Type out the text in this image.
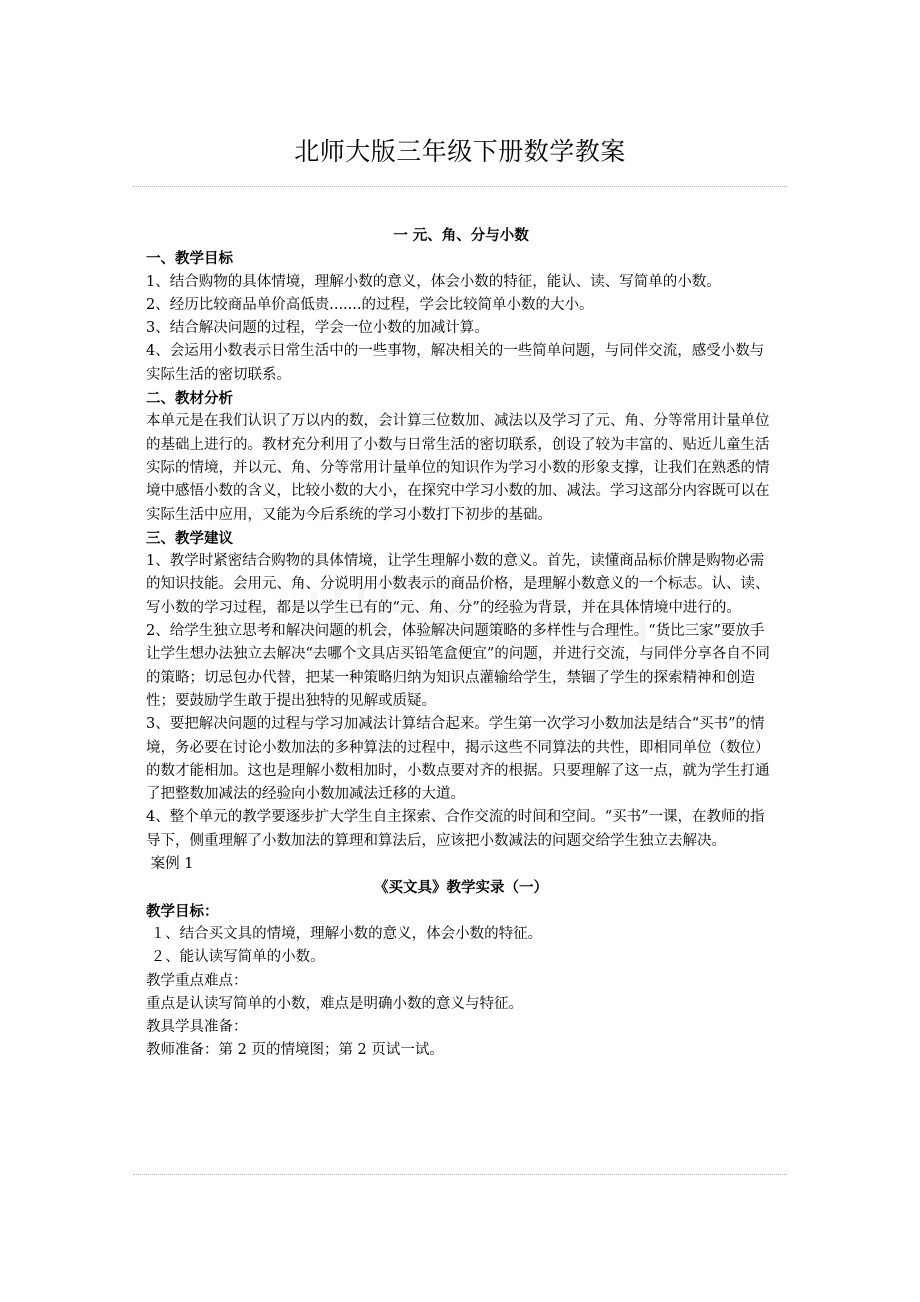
北师大版三年级下册数学教案

一 元、角、分与小数

一、教学目标

1、结合购物的具体情境，理解小数的意义，体会小数的特征，能认、读、写简单的小数。

2、经历比较商品单价高低贵.......的过程，学会比较简单小数的大小。

3、结合解决问题的过程，学会一位小数的加减计算。

4、会运用小数表示日常生活中的一些事物，解决相关的一些简单问题，与同伴交流，感受小数与实际生活的密切联系。

二、教材分析

本单元是在我们认识了万以内的数，会计算三位数加、减法以及学习了元、角、分等常用计量单位的基础上进行的。教材充分利用了小数与日常生活的密切联系，创设了较为丰富的、贴近儿童生活实际的情境，并以元、角、分等常用计量单位的知识作为学习小数的形象支撑，让我们在熟悉的情境中感悟小数的含义，比较小数的大小，在探究中学习小数的加、减法。学习这部分内容既可以在实际生活中应用，又能为今后系统的学习小数打下初步的基础。

三、教学建议

1、教学时紧密结合购物的具体情境，让学生理解小数的意义。首先，读懂商品标价牌是购物必需的知识技能。会用元、角、分说明用小数表示的商品价格，是理解小数意义的一个标志。认、读、写小数的学习过程，都是以学生已有的“元、角、分”的经验为背景，并在具体情境中进行的。

2、给学生独立思考和解决问题的机会，体验解决问题策略的多样性与合理性。“货比三家”要放手让学生想办法独立去解决“去哪个文具店买铅笔盒便宜”的问题，并进行交流，与同伴分享各自不同的策略；切忌包办代替，把某一种策略归纳为知识点灌输给学生，禁锢了学生的探索精神和创造性；要鼓励学生敢于提出独特的见解或质疑。

3、要把解决问题的过程与学习加减法计算结合起来。学生第一次学习小数加法是结合“买书”的情境，务必要在讨论小数加法的多种算法的过程中，揭示这些不同算法的共性，即相同单位（数位）的数才能相加。这也是理解小数相加时，小数点要对齐的根据。只要理解了这一点，就为学生打通了把整数加减法的经验向小数加减法迁移的大道。

4、整个单元的教学要逐步扩大学生自主探索、合作交流的时间和空间。“买书”一课，在教师的指导下，侧重理解了小数加法的算理和算法后，应该把小数减法的问题交给学生独立去解决。

案例 1

《买文具》教学实录（一）

教学目标：

１、结合买文具的情境，理解小数的意义，体会小数的特征。

２、能认读写简单的小数。

教学重点难点：

重点是认读写简单的小数，难点是明确小数的意义与特征。

教具学具准备：

教师准备：第 2 页的情境图；第 2 页试一试。
